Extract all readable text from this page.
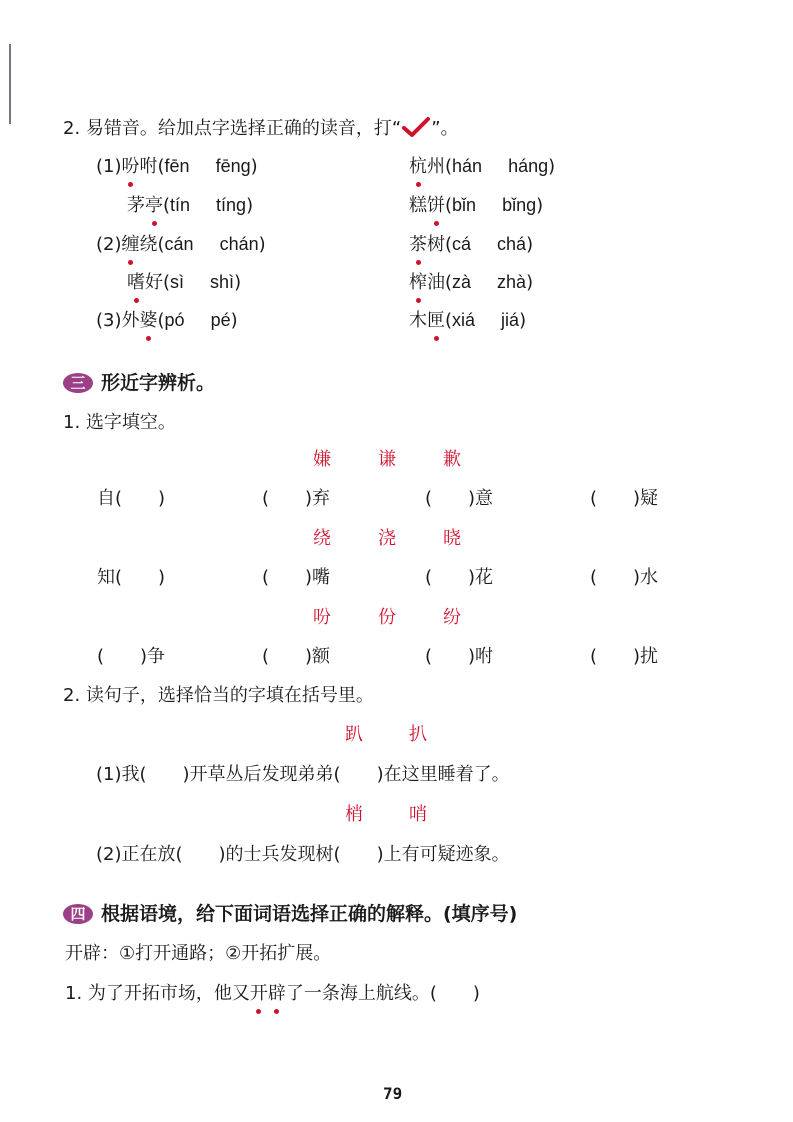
2. 易错音。给加点字选择正确的读音，打“ ”。
(1)吩咐(fēn fēng)	杭州(hán háng)
茅亭(tín tíng)	糕饼(bǐn bǐng)
(2)缠绕(cán chán)	茶树(cá chá)
嗜好(sì shì)	榨油(zà zhà)
(3)外婆(pó pé)	木匣(xiá jiá)
三 形近字辨析。
1. 选字填空。
嫌	谦	歉
自(　　)	(　　)弃	(　　)意	(　　)疑
绕	浇	晓
知(　　)	(　　)嘴	(　　)花	(　　)水
吩	份	纷
(　　)争	(　　)额	(　　)咐	(　　)扰
2. 读句子，选择恰当的字填在括号里。
趴	扒
(1)我(　　)开草丛后发现弟弟(　　)在这里睡着了。
梢	哨
(2)正在放(　　)的士兵发现树(　　)上有可疑迹象。
四 根据语境，给下面词语选择正确的解释。(填序号)
开辟：①打开通路；②开拓扩展。
1. 为了开拓市场，他又开辟了一条海上航线。(　　)
79
